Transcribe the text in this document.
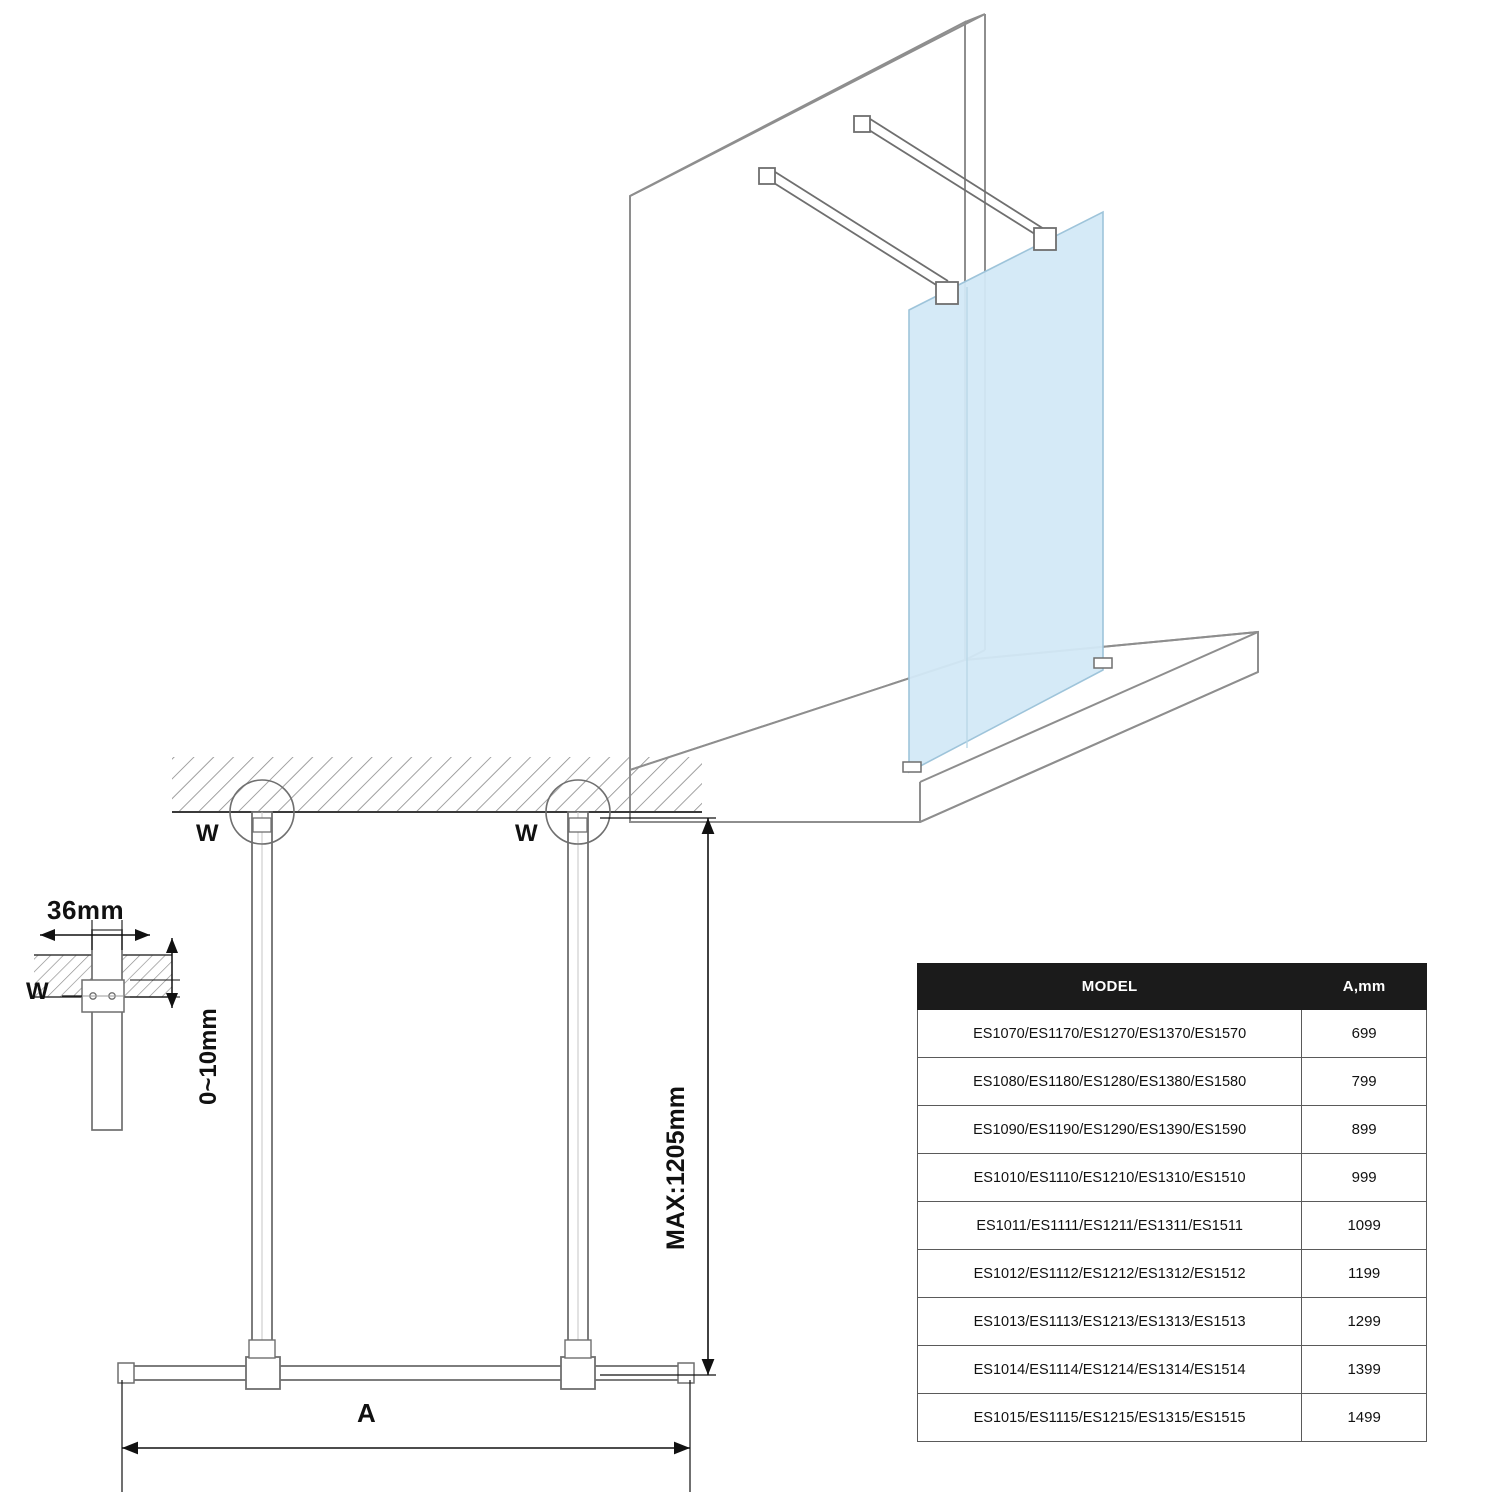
36mm
0~10mm
W
W	W
MAX:1205mm
A
MODEL	A,mm
ES1070/ES1170/ES1270/ES1370/ES1570	699
ES1080/ES1180/ES1280/ES1380/ES1580	799
ES1090/ES1190/ES1290/ES1390/ES1590	899
ES1010/ES1110/ES1210/ES1310/ES1510	999
ES1011/ES1111/ES1211/ES1311/ES1511	1099
ES1012/ES1112/ES1212/ES1312/ES1512	1199
ES1013/ES1113/ES1213/ES1313/ES1513	1299
ES1014/ES1114/ES1214/ES1314/ES1514	1399
ES1015/ES1115/ES1215/ES1315/ES1515	1499
